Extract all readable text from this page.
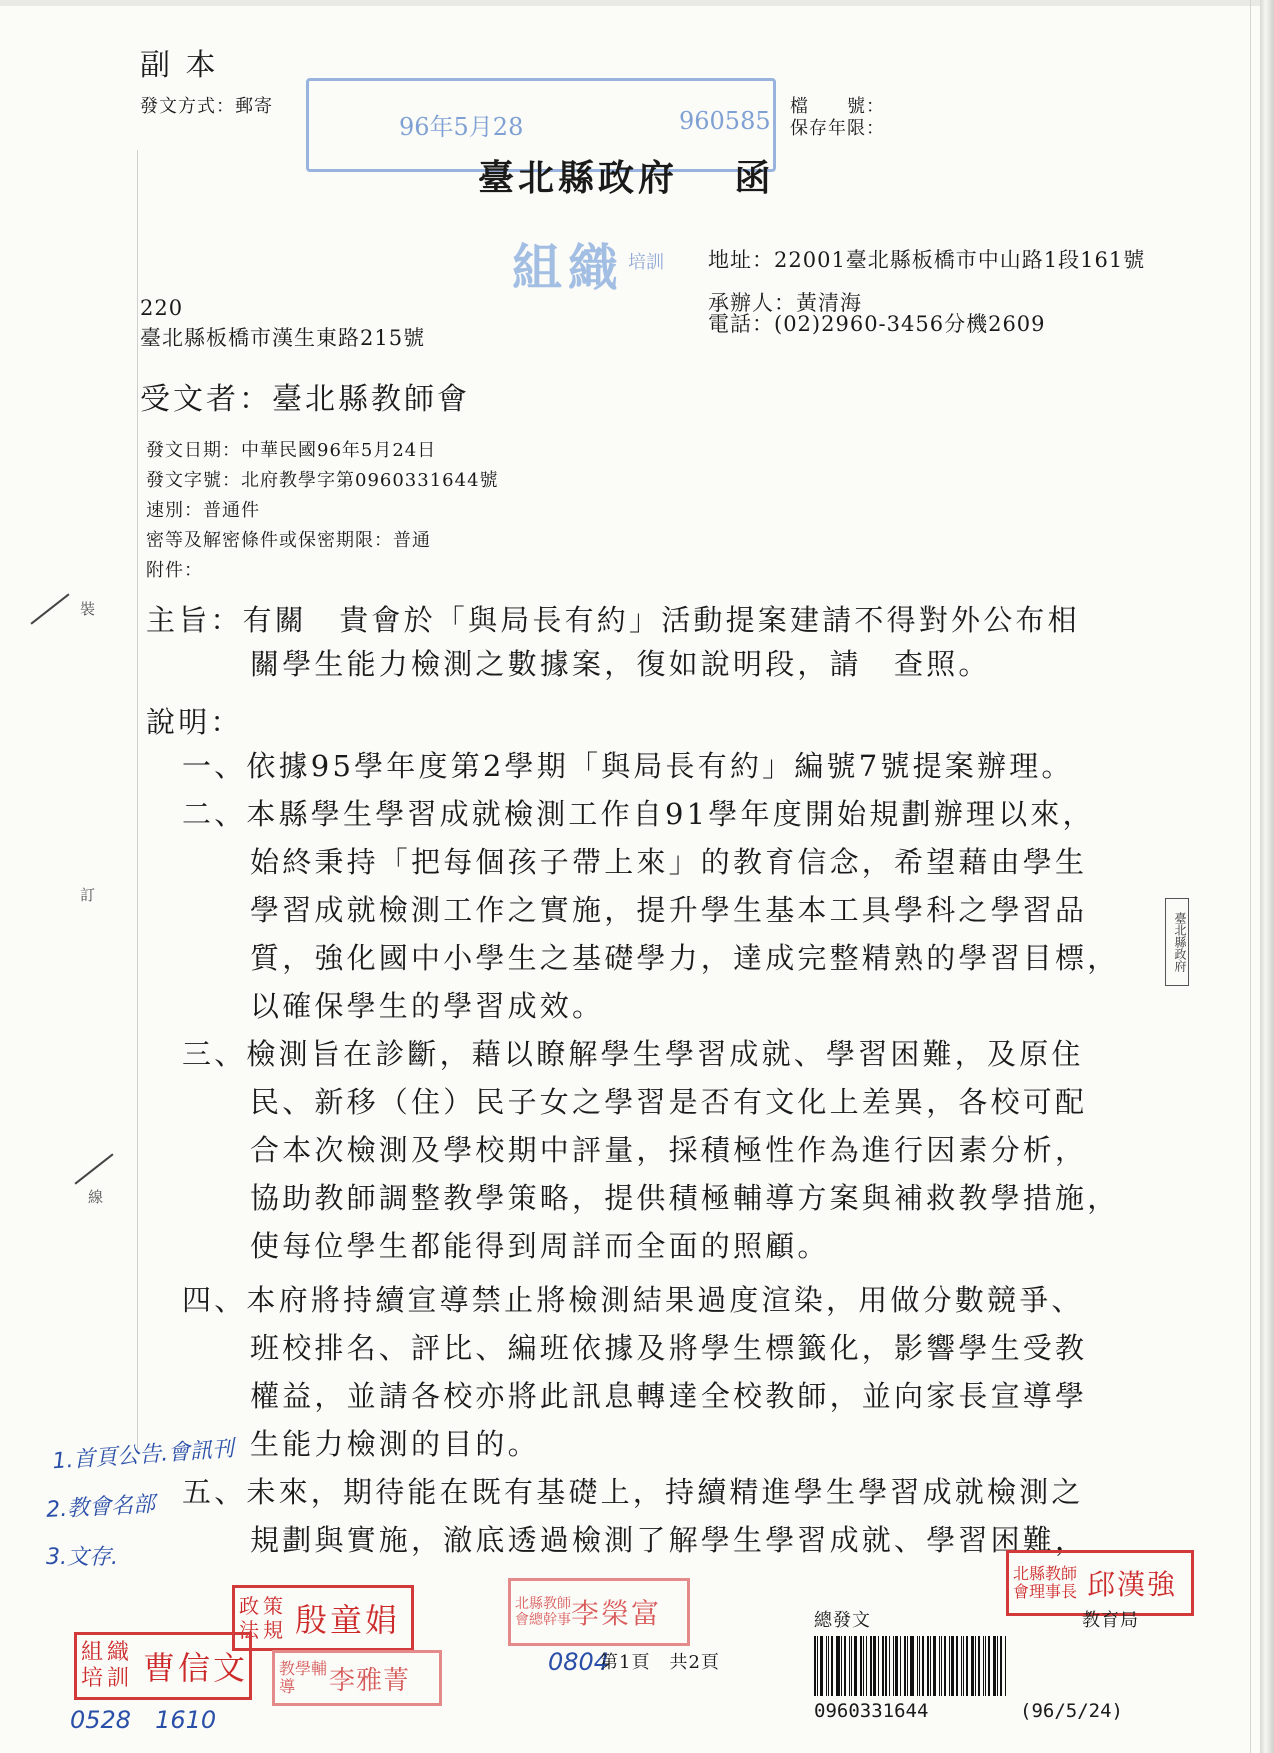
副 本
發文方式：郵寄	檔　　號：
保存年限：
96年5月28	960585
臺北縣政府　 函
組織 培訓 地址：22001臺北縣板橋市中山路1段161號
承辦人：黃清海
電話：(02)2960-3456分機2609
220
臺北縣板橋市漢生東路215號
受文者：臺北縣教師會
發文日期：中華民國96年5月24日
發文字號：北府教學字第0960331644號
速別：普通件
密等及解密條件或保密期限：普通
附件：
裝
訂
線
主旨：有關　貴會於「與局長有約」活動提案建請不得對外公布相
關學生能力檢測之數據案，復如說明段，請　查照。
說明：
一、依據95學年度第2學期「與局長有約」編號7號提案辦理。
二、本縣學生學習成就檢測工作自91學年度開始規劃辦理以來，
始終秉持「把每個孩子帶上來」的教育信念，希望藉由學生
學習成就檢測工作之實施，提升學生基本工具學科之學習品
質，強化國中小學生之基礎學力，達成完整精熟的學習目標，
以確保學生的學習成效。
三、檢測旨在診斷，藉以瞭解學生學習成就、學習困難，及原住
民、新移（住）民子女之學習是否有文化上差異，各校可配
合本次檢測及學校期中評量，採積極性作為進行因素分析，
協助教師調整教學策略，提供積極輔導方案與補救教學措施，
使每位學生都能得到周詳而全面的照顧。
四、本府將持續宣導禁止將檢測結果過度渲染，用做分數競爭、
班校排名、評比、編班依據及將學生標籤化，影響學生受教
權益，並請各校亦將此訊息轉達全校教師，並向家長宣導學
生能力檢測的目的。
五、未來，期待能在既有基礎上，持續精進學生學習成就檢測之
規劃與實施，澈底透過檢測了解學生學習成就、學習困難，
臺北縣政府
1.首頁公告.會訊刊
2.教會名部
3.文存.
0528　1610
0804
政法
策規 殷童娟	北縣教師會總幹事 李榮富
北縣教師會理事長 邱漢強
組織培訓 曹信文 教學輔導	李雅菁
第1頁　共2頁
總發文	教育局
0960331644	(96/5/24)
